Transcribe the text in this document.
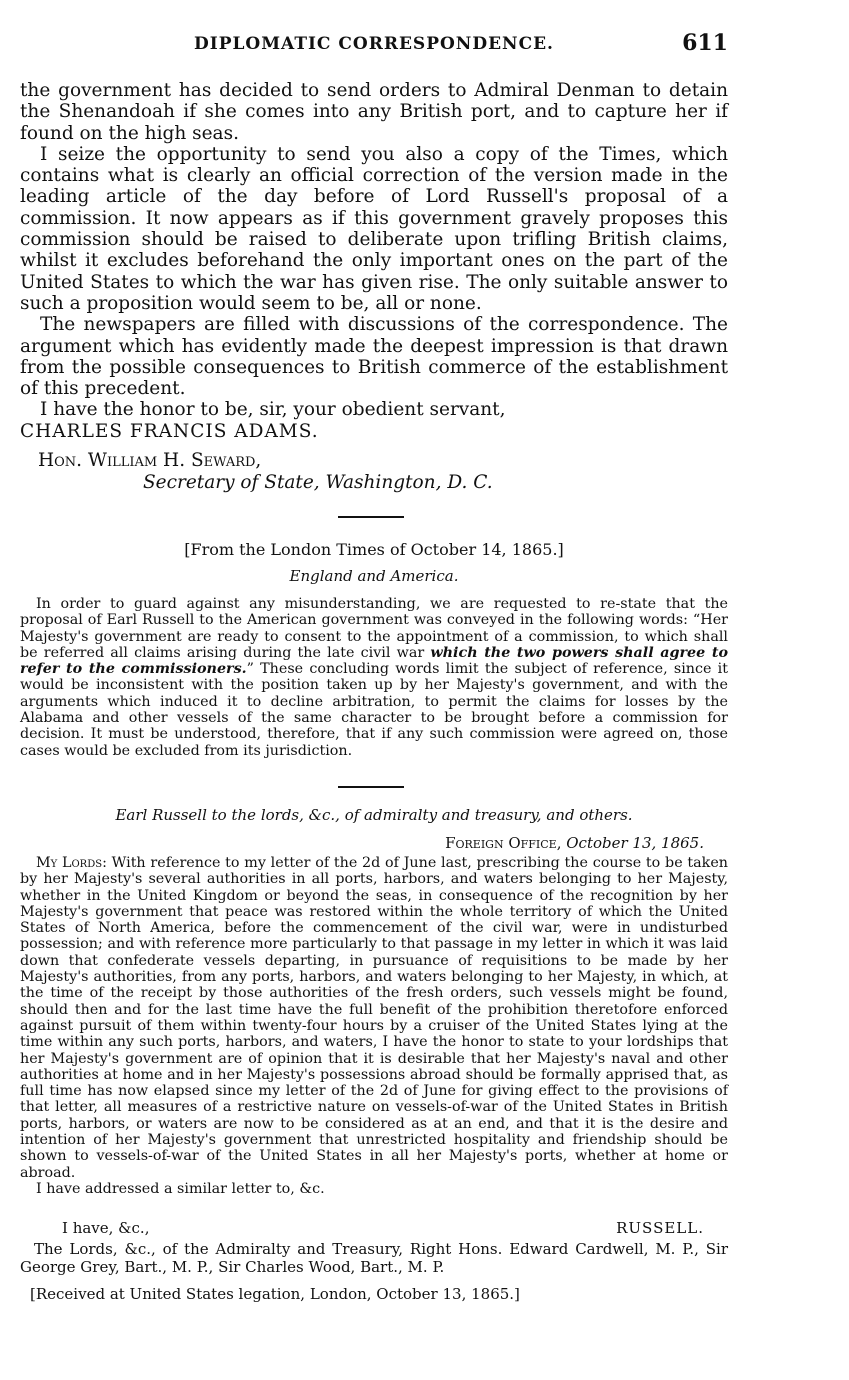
DIPLOMATIC CORRESPONDENCE.	611

the government has decided to send orders to Admiral Denman to detain the Shenandoah if she comes into any British port, and to capture her if found on the high seas.

I seize the opportunity to send you also a copy of the Times, which contains what is clearly an official correction of the version made in the leading article of the day before of Lord Russell's proposal of a commission. It now appears as if this government gravely proposes this commission should be raised to deliberate upon trifling British claims, whilst it excludes beforehand the only important ones on the part of the United States to which the war has given rise. The only suitable answer to such a proposition would seem to be, all or none.

The newspapers are filled with discussions of the correspondence. The argument which has evidently made the deepest impression is that drawn from the possible consequences to British commerce of the establishment of this precedent.

I have the honor to be, sir, your obedient servant,

CHARLES FRANCIS ADAMS.

Hon. William H. Seward,
Secretary of State, Washington, D. C.
[From the London Times of October 14, 1865.]
England and America.

In order to guard against any misunderstanding, we are requested to re-state that the proposal of Earl Russell to the American government was conveyed in the following words: “Her Majesty's government are ready to consent to the appointment of a commission, to which shall be referred all claims arising during the late civil war which the two powers shall agree to refer to the commissioners.” These concluding words limit the subject of reference, since it would be inconsistent with the position taken up by her Majesty's government, and with the arguments which induced it to decline arbitration, to permit the claims for losses by the Alabama and other vessels of the same character to be brought before a commission for decision. It must be understood, therefore, that if any such commission were agreed on, those cases would be excluded from its jurisdiction.

Earl Russell to the lords, &c., of admiralty and treasury, and others.
Foreign Office, October 13, 1865.

My Lords: With reference to my letter of the 2d of June last, prescribing the course to be taken by her Majesty's several authorities in all ports, harbors, and waters belonging to her Majesty, whether in the United Kingdom or beyond the seas, in consequence of the recognition by her Majesty's government that peace was restored within the whole territory of which the United States of North America, before the commencement of the civil war, were in undisturbed possession; and with reference more particularly to that passage in my letter in which it was laid down that confederate vessels departing, in pursuance of requisitions to be made by her Majesty's authorities, from any ports, harbors, and waters belonging to her Majesty, in which, at the time of the receipt by those authorities of the fresh orders, such vessels might be found, should then and for the last time have the full benefit of the prohibition theretofore enforced against pursuit of them within twenty-four hours by a cruiser of the United States lying at the time within any such ports, harbors, and waters, I have the honor to state to your lordships that her Majesty's government are of opinion that it is desirable that her Majesty's naval and other authorities at home and in her Majesty's possessions abroad should be formally apprised that, as full time has now elapsed since my letter of the 2d of June for giving effect to the provisions of that letter, all measures of a restrictive nature on vessels-of-war of the United States in British ports, harbors, or waters are now to be considered as at an end, and that it is the desire and intention of her Majesty's government that unrestricted hospitality and friendship should be shown to vessels-of-war of the United States in all her Majesty's ports, whether at home or abroad.

I have addressed a similar letter to, &c.

I have, &c.,	RUSSELL.
The Lords, &c., of the Admiralty and Treasury, Right Hons. Edward Cardwell, M. P., Sir George Grey, Bart., M. P., Sir Charles Wood, Bart., M. P.
[Received at United States legation, London, October 13, 1865.]
